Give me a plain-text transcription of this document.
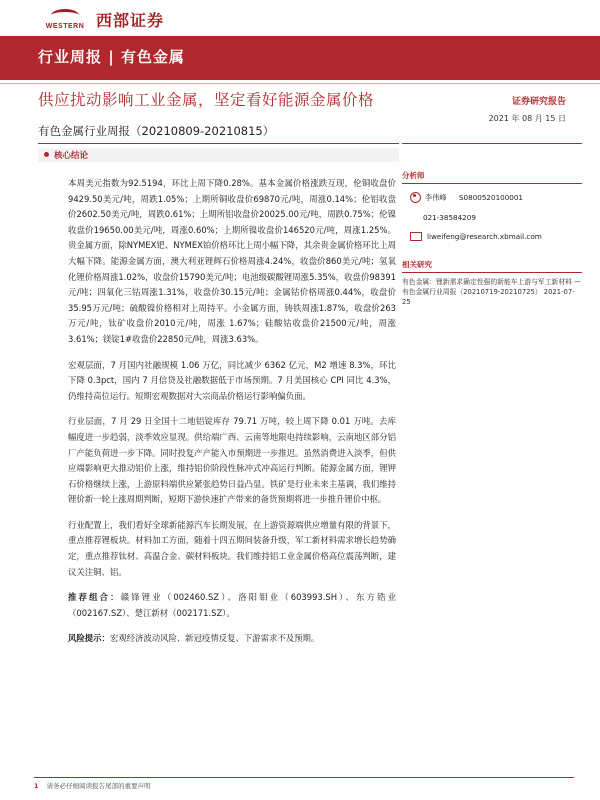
WESTERN 西部证券
行业周报 | 有色金属
供应扰动影响工业金属，坚定看好能源金属价格	证券研究报告
2021 年 08 月 15 日
有色金属行业周报（20210809-20210815）
核心结论

本周美元指数为92.5194，环比上周下降0.28%。基本金属价格涨跌互现，伦铜收盘价9429.50美元/吨，周跌1.05%；上期所铜收盘价69870元/吨，周涨0.14%；伦铝收盘价2602.50美元/吨，周跌0.61%；上期所铝收盘价20025.00元/吨，周跌0.75%；伦镍收盘价19650.00美元/吨，周涨0.60%；上期所镍收盘价146520元/吨，周涨1.25%。贵金属方面，除NYMEX钯、NYMEX铂价格环比上周小幅下降，其余贵金属价格环比上周大幅下降。能源金属方面，澳大利亚锂辉石价格周涨4.24%，收盘价860美元/吨；氢氧化锂价格周涨1.02%，收盘价15790美元/吨；电池级碳酸锂周涨5.35%，收盘价98391元/吨；四氧化三钴周涨1.31%，收盘价30.15元/吨；金属钴价格周涨0.44%，收盘价35.95万元/吨；硫酸镍价格相对上周持平。小金属方面，铸铁周涨1.87%，收盘价263万元/吨，钛矿收盘价2010元/吨，周涨 1.67%；硅酸钴收盘价21500元/吨，周涨3.61%；镁锭1#收盘价22850元/吨，周涨3.63%。

宏观层面，7 月国内社融规模 1.06 万亿，同比减少 6362 亿元，M2 增速 8.3%，环比下降 0.3pct，国内 7 月信贷及社融数据低于市场预期。7 月美国核心 CPI 同比 4.3%，仍维持高位运行。短期宏观数据对大宗商品价格运行影响偏负面。

行业层面，7 月 29 日全国十二地铝锭库存 79.71 万吨，较上周下降 0.01 万吨。去库幅度进一步趋弱，淡季效应显现。供给端广西、云南等地限电持续影响，云南地区部分铝厂产能负荷进一步下降。同时投复产产能入市预期进一步推迟。虽然消费进入淡季，但供应端影响更大推动铝价上涨，维持铝价阶段性脉冲式冲高运行判断。能源金属方面，锂钾石价格继续上涨，上游原料端供应紧张趋势日益凸显。铁矿是行业未来主基调，我们维持锂价新一轮上涨周期判断，短期下游快速扩产带来的备货预期将进一步推升锂价中枢。

行业配置上，我们看好全球新能源汽车长期发展，在上游资源端供应增量有限的背景下，重点推荐锂板块。材料加工方面，随着十四五期间装备升级，军工新材料需求增长趋势确定，重点推荐钛材、高温合金、碳材料板块。我们维持铝工业金属价格高位震荡判断，建议关注铜、铝。

推荐组合：赣锋锂业（002460.SZ）、洛阳钼业（603993.SH）、东方锆业（002167.SZ）、楚江新材（002171.SZ）。

风险提示：宏观经济波动风险、新冠疫情反复、下游需求不及预期。

分析师
李伟峰	S0800520100001
021-38584209
liweifeng@research.xbmail.com
相关研究
有色金属：锂新需求确定性强的新能车上游与军工新材料 — 有色金属行业周报（20210719-20210725） 2021-07-25
1 请务必仔细阅读报告尾部的重要声明
